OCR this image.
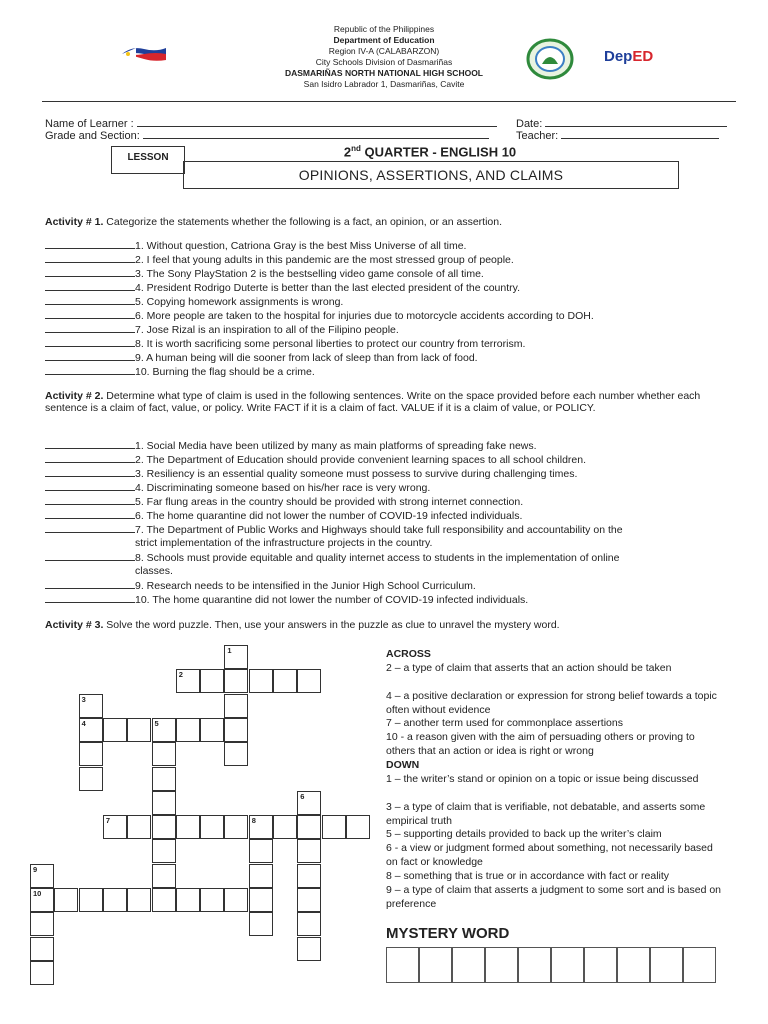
Republic of the Philippines
Department of Education
Region IV-A (CALABARZON)
City Schools Division of Dasmariñas
DASMARIÑAS NORTH NATIONAL HIGH SCHOOL
San Isidro Labrador 1, Dasmariñas, Cavite
DepED
Name of Learner :	Date:
Grade and Section:	Teacher:
LESSON	2nd QUARTER - ENGLISH 10
OPINIONS, ASSERTIONS, AND CLAIMS
Activity # 1. Categorize the statements whether the following is a fact, an opinion, or an assertion.
1. Without question, Catriona Gray is the best Miss Universe of all time.
2. I feel that young adults in this pandemic are the most stressed group of people.
3. The Sony PlayStation 2 is the bestselling video game console of all time.
4. President Rodrigo Duterte is better than the last elected president of the country.
5. Copying homework assignments is wrong.
6. More people are taken to the hospital for injuries due to motorcycle accidents according to DOH.
7. Jose Rizal is an inspiration to all of the Filipino people.
8. It is worth sacrificing some personal liberties to protect our country from terrorism.
9. A human being will die sooner from lack of sleep than from lack of food.
10. Burning the flag should be a crime.
Activity # 2. Determine what type of claim is used in the following sentences. Write on the space provided before each number whether each sentence is a claim of fact, value, or policy. Write FACT if it is a claim of fact. VALUE if it is a claim of value, or POLICY.
1. Social Media have been utilized by many as main platforms of spreading fake news.
2. The Department of Education should provide convenient learning spaces to all school children.
3. Resiliency is an essential quality someone must possess to survive during challenging times.
4. Discriminating someone based on his/her race is very wrong.
5. Far flung areas in the country should be provided with strong internet connection.
6. The home quarantine did not lower the number of COVID-19 infected individuals.
7. The Department of Public Works and Highways should take full responsibility and accountability on the
strict implementation of the infrastructure projects in the country.
8. Schools must provide equitable and quality internet access to students in the implementation of online
classes.
9. Research needs to be intensified in the Junior High School Curriculum.
10. The home quarantine did not lower the number of COVID-19 infected individuals.
Activity # 3. Solve the word puzzle. Then, use your answers in the puzzle as clue to unravel the mystery word.
1
2
3
4	5
6
7	8
9
10
ACROSS
2 – a type of claim that asserts that an action should be taken
4 – a positive declaration or expression for strong belief towards a topic often without evidence
7 – another term used for commonplace assertions
10 - a reason given with the aim of persuading others or proving to others that an action or idea is right or wrong
DOWN
1 – the writer’s stand or opinion on a topic or issue being discussed
3 – a type of claim that is verifiable, not debatable, and asserts some empirical truth
5 – supporting details provided to back up the writer’s claim
6 - a view or judgment formed about something, not necessarily based on fact or knowledge
8 – something that is true or in accordance with fact or reality
9 – a type of claim that asserts a judgment to some sort and is based on preference
MYSTERY WORD
